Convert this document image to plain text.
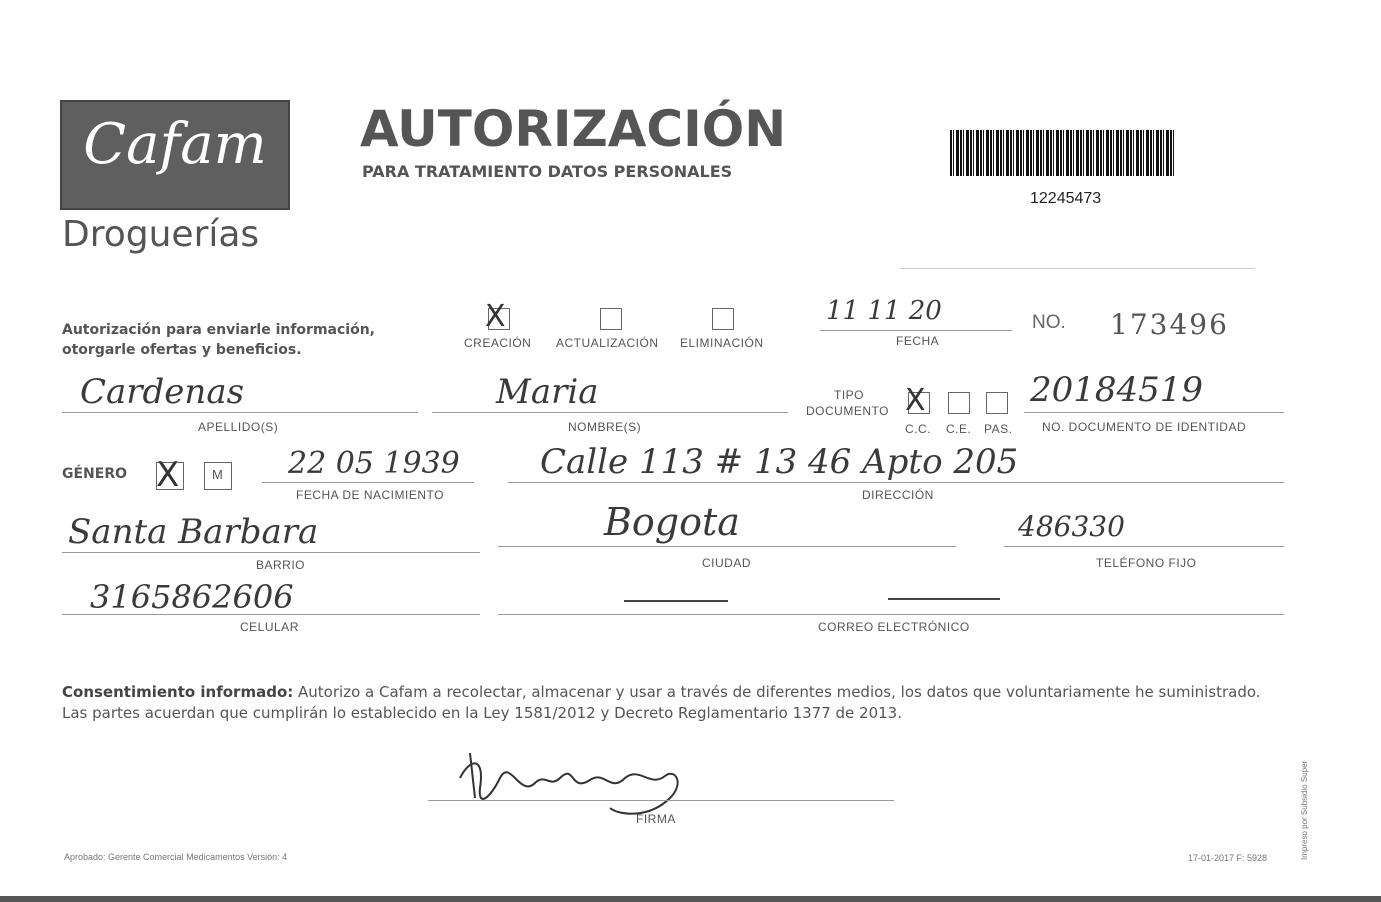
Cafam
Droguerías
AUTORIZACIÓN
PARA TRATAMIENTO DATOS PERSONALES
12245473
Autorización para enviarle información, otorgarle ofertas y beneficios.
X
CREACIÓN ACTUALIZACIÓN ELIMINACIÓN
11 11 20
FECHA
NO. 173496
Cardenas
APELLIDO(S)
Maria
NOMBRE(S)
TIPO
DOCUMENTO X
C.C. C.E. PAS.
20184519
NO. DOCUMENTO DE IDENTIDAD
GÉNERO X	M 22 05 1939
FECHA DE NACIMIENTO
Calle 113 # 13 46 Apto 205
DIRECCIÓN
Santa Barbara
BARRIO
Bogota
CIUDAD
486330
TELÉFONO FIJO
3165862606
CELULAR	CORREO ELECTRÓNICO
Consentimiento informado: Autorizo a Cafam a recolectar, almacenar y usar a través de diferentes medios, los datos que voluntariamente he suministrado. Las partes acuerdan que cumplirán lo establecido en la Ley 1581/2012 y Decreto Reglamentario 1377 de 2013.
FIRMA
Aprobado: Gerente Comercial Medicamentos Versión: 4	17-01-2017 F: 5928	Impreso por Subsidio Super
